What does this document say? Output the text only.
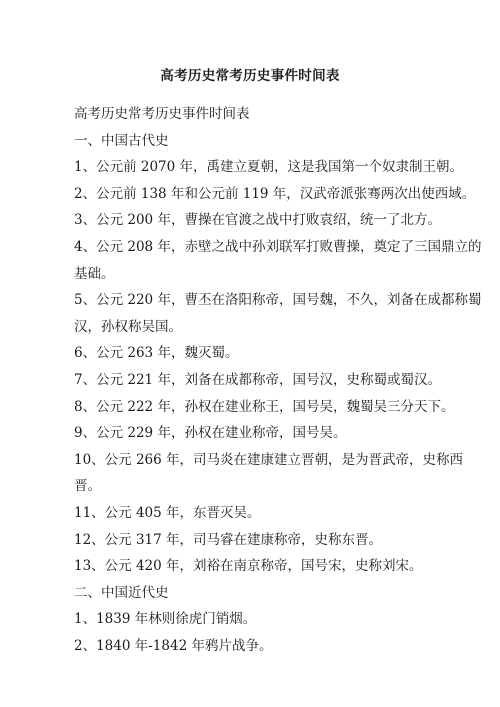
高考历史常考历史事件时间表
高考历史常考历史事件时间表
一、中国古代史
1、公元前 2070 年，禹建立夏朝，这是我国第一个奴隶制王朝。
2、公元前 138 年和公元前 119 年，汉武帝派张骞两次出使西域。
3、公元 200 年，曹操在官渡之战中打败袁绍，统一了北方。
4、公元 208 年，赤壁之战中孙刘联军打败曹操，奠定了三国鼎立的
基础。
5、公元 220 年，曹丕在洛阳称帝，国号魏，不久，刘备在成都称蜀
汉，孙权称吴国。
6、公元 263 年，魏灭蜀。
7、公元 221 年，刘备在成都称帝，国号汉，史称蜀或蜀汉。
8、公元 222 年，孙权在建业称王，国号吴，魏蜀吴三分天下。
9、公元 229 年，孙权在建业称帝，国号吴。
10、公元 266 年，司马炎在建康建立晋朝，是为晋武帝，史称西
晋。
11、公元 405 年，东晋灭吴。
12、公元 317 年，司马睿在建康称帝，史称东晋。
13、公元 420 年，刘裕在南京称帝，国号宋，史称刘宋。
二、中国近代史
1、1839 年林则徐虎门销烟。
2、1840 年-1842 年鸦片战争。
